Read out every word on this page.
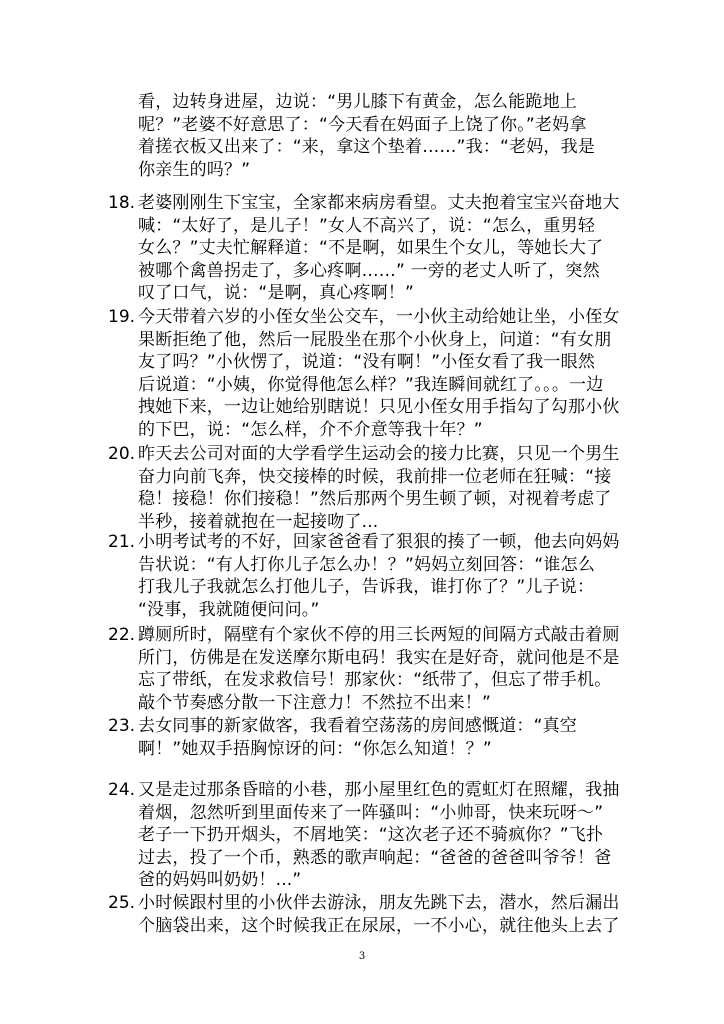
看，边转身进屋，边说：“男儿膝下有黄金，怎么能跪地上
呢？”老婆不好意思了：“今天看在妈面子上饶了你。”老妈拿
着搓衣板又出来了：“来，拿这个垫着……”我：“老妈，我是
你亲生的吗？”
18. 老婆刚刚生下宝宝，全家都来病房看望。丈夫抱着宝宝兴奋地大
喊：“太好了，是儿子！”女人不高兴了，说：“怎么，重男轻
女么？”丈夫忙解释道：“不是啊，如果生个女儿，等她长大了
被哪个禽兽拐走了，多心疼啊……” 一旁的老丈人听了，突然
叹了口气，说：“是啊，真心疼啊！”
19. 今天带着六岁的小侄女坐公交车，一小伙主动给她让坐，小侄女
果断拒绝了他，然后一屁股坐在那个小伙身上，问道：“有女朋
友了吗？”小伙愣了，说道：“没有啊！”小侄女看了我一眼然
后说道：“小姨，你觉得他怎么样？”我连瞬间就红了。。。一边
拽她下来，一边让她给别瞎说！只见小侄女用手指勾了勾那小伙
的下巴，说：“怎么样，介不介意等我十年？”
20. 昨天去公司对面的大学看学生运动会的接力比赛，只见一个男生
奋力向前飞奔，快交接棒的时候，我前排一位老师在狂喊：“接
稳！接稳！你们接稳！”然后那两个男生顿了顿，对视着考虑了
半秒，接着就抱在一起接吻了...
21. 小明考试考的不好，回家爸爸看了狠狠的揍了一顿，他去向妈妈
告状说：“有人打你儿子怎么办！？”妈妈立刻回答：“谁怎么
打我儿子我就怎么打他儿子，告诉我，谁打你了？”儿子说：
“没事，我就随便问问。”
22. 蹲厕所时，隔壁有个家伙不停的用三长两短的间隔方式敲击着厕
所门，仿佛是在发送摩尔斯电码！我实在是好奇，就问他是不是
忘了带纸，在发求救信号！那家伙：“纸带了，但忘了带手机。
敲个节奏感分散一下注意力！不然拉不出来！”
23. 去女同事的新家做客，我看着空荡荡的房间感慨道：“真空
啊！”她双手捂胸惊讶的问：“你怎么知道！？”
24. 又是走过那条昏暗的小巷，那小屋里红色的霓虹灯在照耀，我抽
着烟，忽然听到里面传来了一阵骚叫：“小帅哥，快来玩呀～”
老子一下扔开烟头，不屑地笑：“这次老子还不骑疯你？”飞扑
过去，投了一个币，熟悉的歌声响起：“爸爸的爸爸叫爷爷！爸
爸的妈妈叫奶奶！...”
25. 小时候跟村里的小伙伴去游泳，朋友先跳下去，潜水，然后漏出
个脑袋出来，这个时候我正在尿尿，一不小心，就往他头上去了
3
